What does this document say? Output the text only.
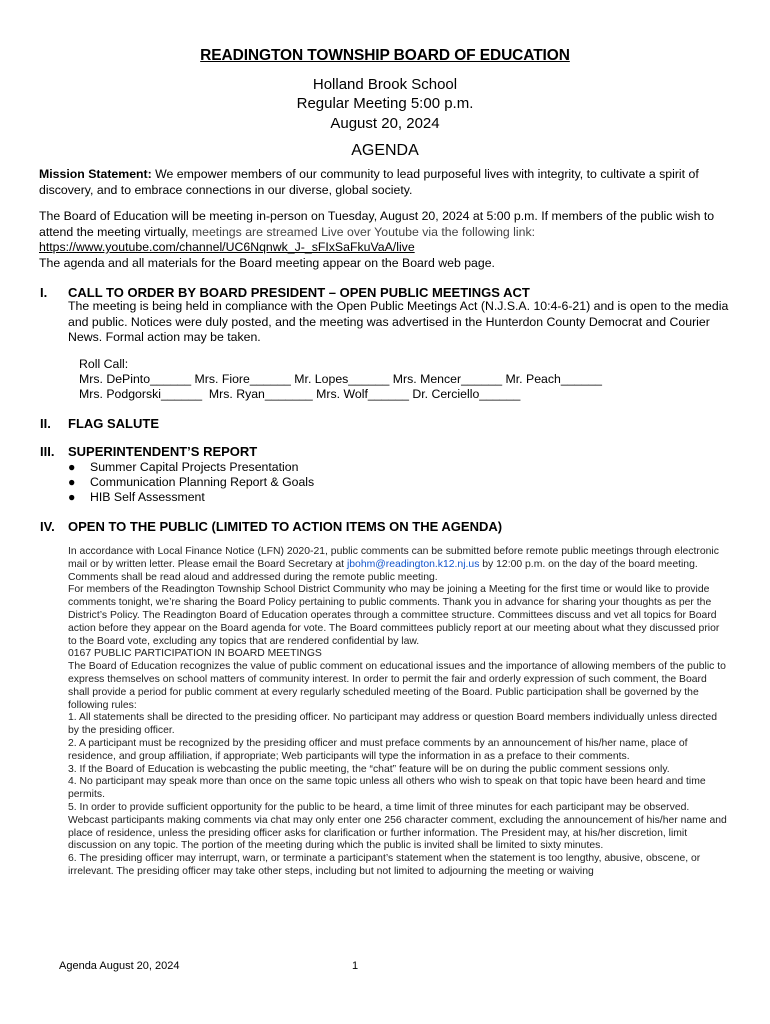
READINGTON TOWNSHIP BOARD OF EDUCATION
Holland Brook School
Regular Meeting 5:00 p.m.
August 20, 2024
AGENDA
Mission Statement: We empower members of our community to lead purposeful lives with integrity, to cultivate a spirit of discovery, and to embrace connections in our diverse, global society.
The Board of Education will be meeting in-person on Tuesday, August 20, 2024 at 5:00 p.m. If members of the public wish to attend the meeting virtually, meetings are streamed Live over Youtube via the following link:
https://www.youtube.com/channel/UC6Nqnwk_J-_sFIxSaFkuVaA/live
The agenda and all materials for the Board meeting appear on the Board web page.
I. CALL TO ORDER BY BOARD PRESIDENT – OPEN PUBLIC MEETINGS ACT
The meeting is being held in compliance with the Open Public Meetings Act (N.J.S.A. 10:4-6-21) and is open to the media and public. Notices were duly posted, and the meeting was advertised in the Hunterdon County Democrat and Courier News. Formal action may be taken.
Roll Call:
Mrs. DePinto______ Mrs. Fiore______ Mr. Lopes______ Mrs. Mencer______ Mr. Peach______
Mrs. Podgorski______  Mrs. Ryan_______ Mrs. Wolf______ Dr. Cerciello______
II. FLAG SALUTE
III. SUPERINTENDENT’S REPORT
● Summer Capital Projects Presentation
● Communication Planning Report & Goals
● HIB Self Assessment
IV. OPEN TO THE PUBLIC (LIMITED TO ACTION ITEMS ON THE AGENDA)

In accordance with Local Finance Notice (LFN) 2020-21, public comments can be submitted before remote public meetings through electronic mail or by written letter. Please email the Board Secretary at jbohm@readington.k12.nj.us by 12:00 p.m. on the day of the board meeting. Comments shall be read aloud and addressed during the remote public meeting.

For members of the Readington Township School District Community who may be joining a Meeting for the first time or would like to provide comments tonight, we’re sharing the Board Policy pertaining to public comments. Thank you in advance for sharing your thoughts as per the District’s Policy. The Readington Board of Education operates through a committee structure. Committees discuss and vet all topics for Board action before they appear on the Board agenda for vote. The Board committees publicly report at our meeting about what they discussed prior to the Board vote, excluding any topics that are rendered confidential by law.

0167 PUBLIC PARTICIPATION IN BOARD MEETINGS

The Board of Education recognizes the value of public comment on educational issues and the importance of allowing members of the public to express themselves on school matters of community interest. In order to permit the fair and orderly expression of such comment, the Board shall provide a period for public comment at every regularly scheduled meeting of the Board. Public participation shall be governed by the following rules:

1. All statements shall be directed to the presiding officer. No participant may address or question Board members individually unless directed by the presiding officer.

2. A participant must be recognized by the presiding officer and must preface comments by an announcement of his/her name, place of residence, and group affiliation, if appropriate; Web participants will type the information in as a preface to their comments.

3. If the Board of Education is webcasting the public meeting, the “chat” feature will be on during the public comment sessions only.

4. No participant may speak more than once on the same topic unless all others who wish to speak on that topic have been heard and time permits.

5. In order to provide sufficient opportunity for the public to be heard, a time limit of three minutes for each participant may be observed. Webcast participants making comments via chat may only enter one 256 character comment, excluding the announcement of his/her name and place of residence, unless the presiding officer asks for clarification or further information. The President may, at his/her discretion, limit discussion on any topic. The portion of the meeting during which the public is invited shall be limited to sixty minutes.

6. The presiding officer may interrupt, warn, or terminate a participant’s statement when the statement is too lengthy, abusive, obscene, or irrelevant. The presiding officer may take other steps, including but not limited to adjourning the meeting or waiving

Agenda August 20, 2024	1
